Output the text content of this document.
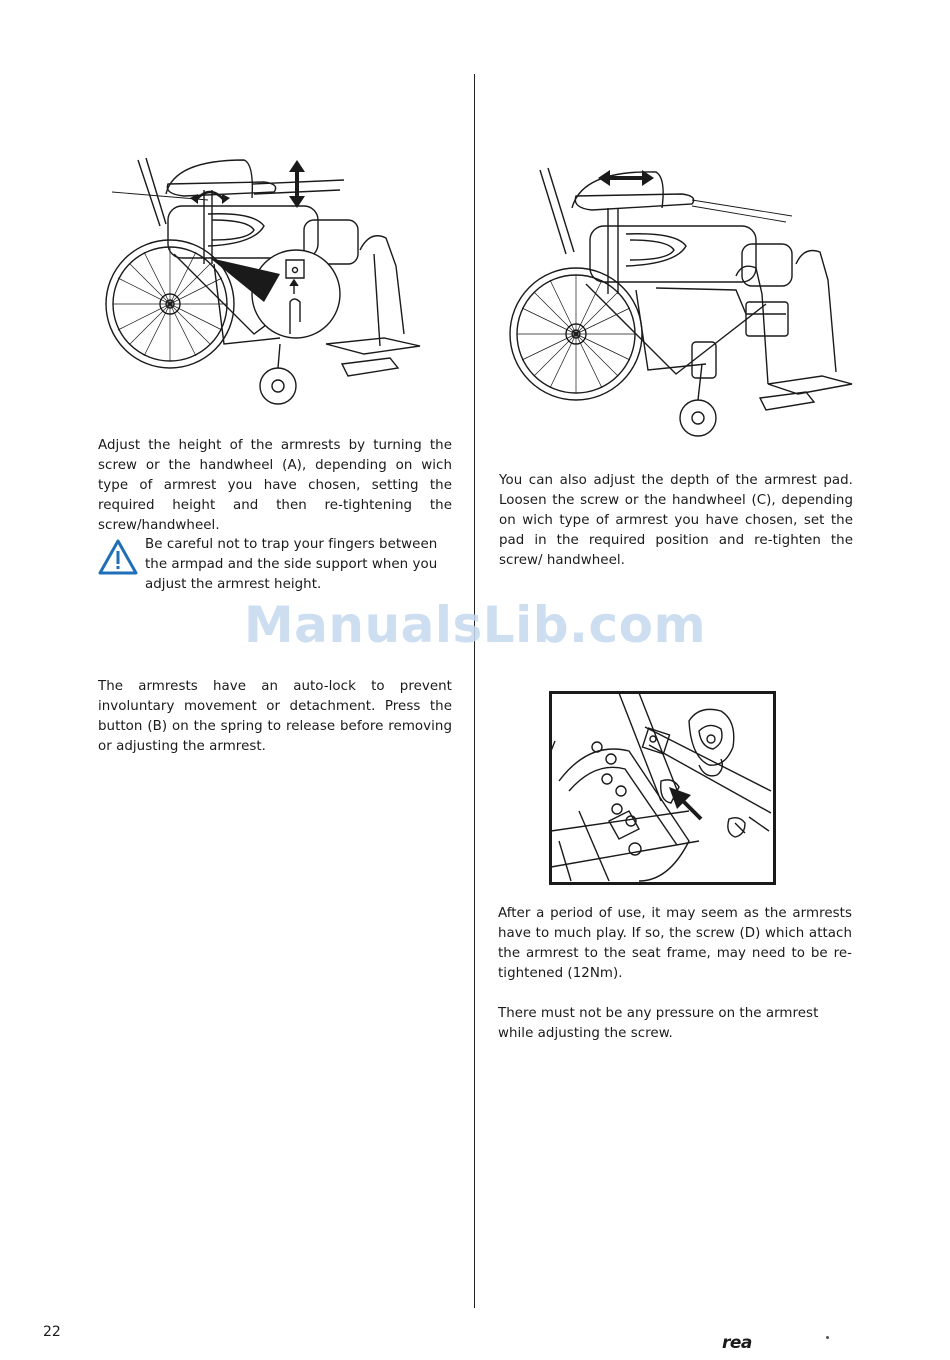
Adjust the height of the armrests by turning the screw or the handwheel (A), depending on wich type of armrest you have chosen, setting the required height and then re-tightening the screw/handwheel.

Be careful not to trap your fingers between the armpad and the side support when you adjust the armrest height.

ManualsLib.com

The armrests have an auto-lock to prevent involuntary movement or detachment. Press the button (B) on the spring to release before removing or adjusting the armrest.

You can also adjust the depth of the armrest pad. Loosen the screw or the handwheel (C), depending on wich type of armrest you have chosen, set the pad in the required position and re-tighten the screw/ handwheel.

After a period of use, it may seem as the armrests have to much play. If so, the screw (D) which attach the armrest to the seat frame, may need to be re-tightened (12Nm).

There must not be any pressure on the armrest while adjusting the screw.

22
rea
